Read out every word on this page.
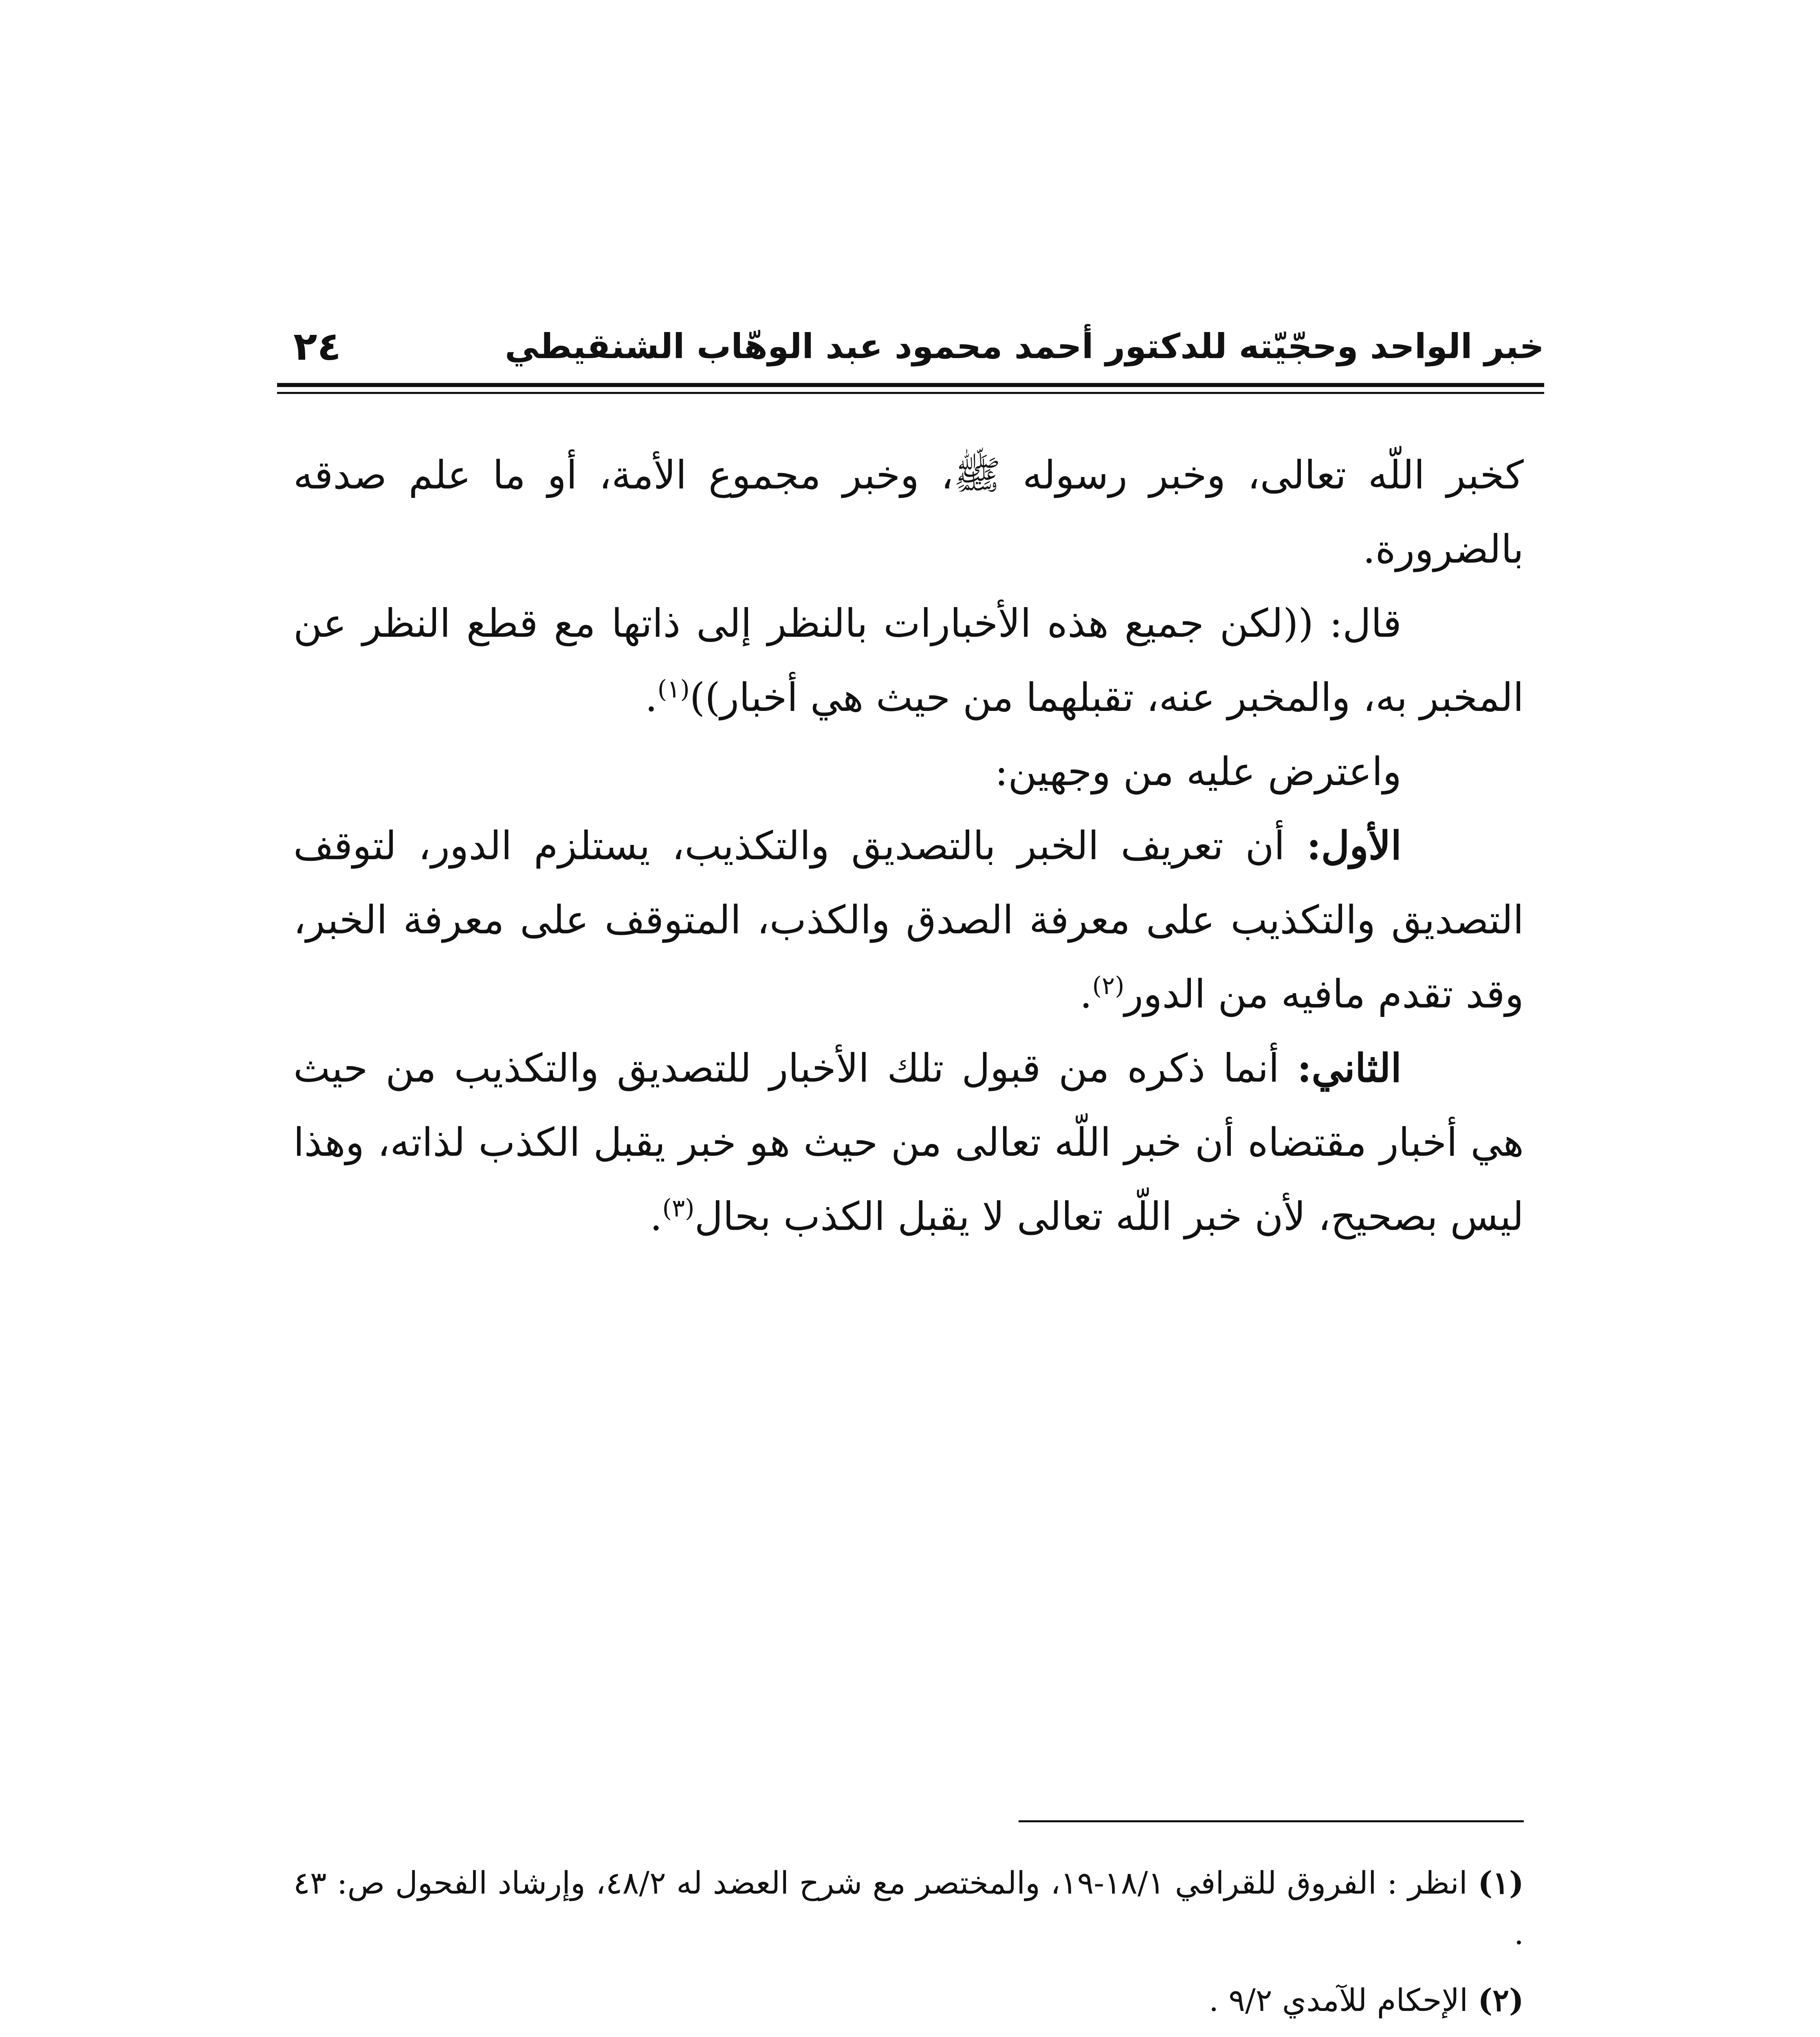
خبر الواحد وحجّيّته للدكتور أحمد محمود عبد الوهّاب الشنقيطي
٢٤

كخبر اللّه تعالى، وخبر رسوله ﷺ، وخبر مجموع الأمة، أو ما علم صدقه بالضرورة.

قال: ((لكن جميع هذه الأخبارات بالنظر إلى ذاتها مع قطع النظر عن المخبر به، والمخبر عنه، تقبلهما من حيث هي أخبار))$^{(١)}$.

واعترض عليه من وجهين:

الأول: أن تعريف الخبر بالتصديق والتكذيب، يستلزم الدور، لتوقف التصديق والتكذيب على معرفة الصدق والكذب، المتوقف على معرفة الخبر، وقد تقدم مافيه من الدور$^{(٢)}$.

الثاني: أنما ذكره من قبول تلك الأخبار للتصديق والتكذيب من حيث هي أخبار مقتضاه أن خبر اللّه تعالى من حيث هو خبر يقبل الكذب لذاته، وهذا ليس بصحيح، لأن خبر اللّه تعالى لا يقبل الكذب بحال$^{(٣)}$.

(١) انظر : الفروق للقرافي ١٨/١-١٩، والمختصر مع شرح العضد له ٤٨/٢، وإرشاد الفحول ص: ٤٣ .

(٢) الإحكام للآمدي ٩/٢ .
